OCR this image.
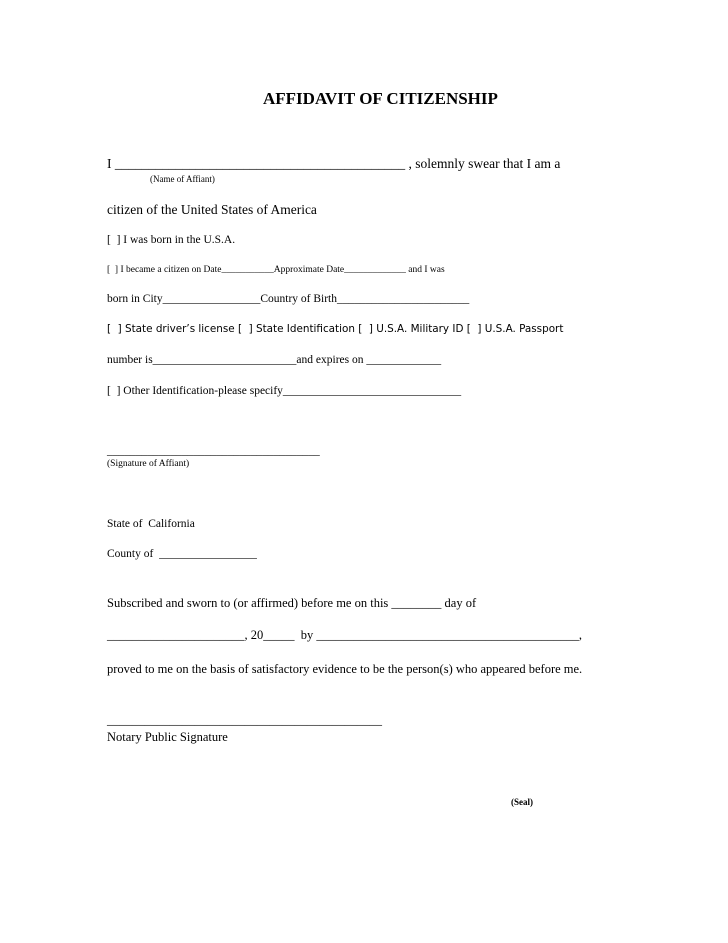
AFFIDAVIT OF CITIZENSHIP

I ___________________________________________ , solemnly swear that I am a
(Name of Affiant)
citizen of the United States of America
[  ] I was born in the U.S.A.
[  ] I became a citizen on Date___________Approximate Date_____________ and I was
born in City_________________Country of Birth_______________________
[  ] State driver’s license [  ] State Identification [  ] U.S.A. Military ID [  ] U.S.A. Passport
number is_________________________and expires on _____________
[  ] Other Identification-please specify_______________________________
_____________________________________
(Signature of Affiant)
State of  California
County of  _________________
Subscribed and sworn to (or affirmed) before me on this ________ day of
______________________, 20_____  by __________________________________________,
proved to me on the basis of satisfactory evidence to be the person(s) who appeared before me.
____________________________________________
Notary Public Signature
(Seal)
